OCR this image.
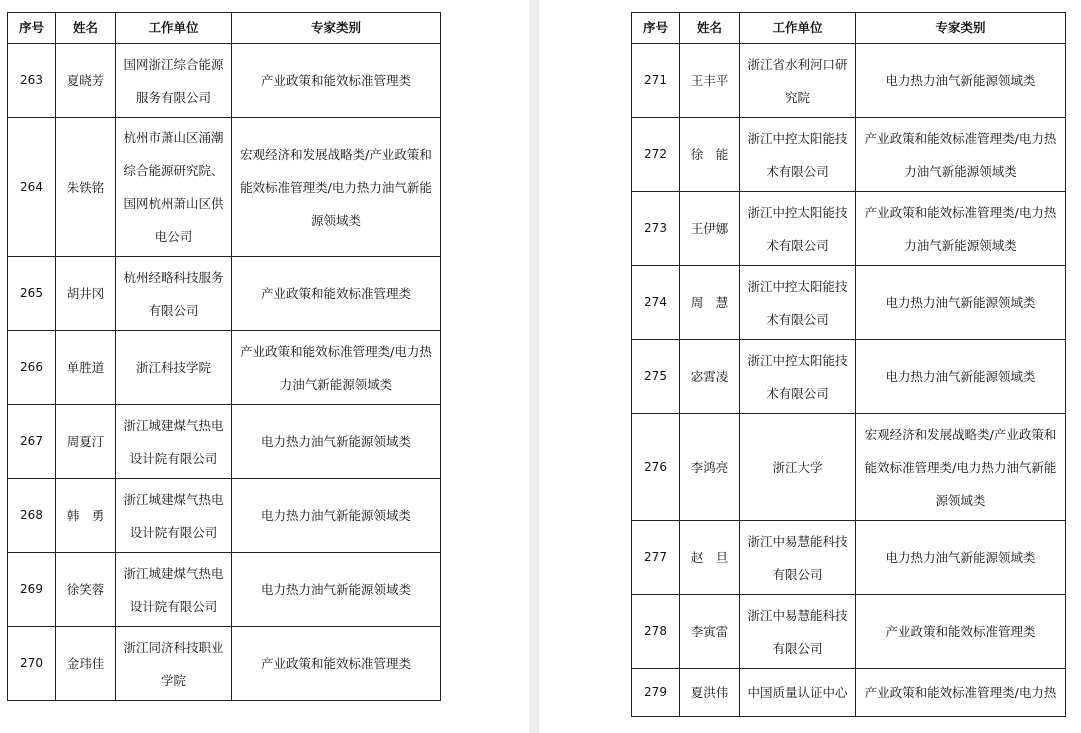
序号	姓名	工作单位	专家类别
263	夏晓芳	国网浙江综合能源服务有限公司	产业政策和能效标准管理类
264	朱铁铭	杭州市萧山区涌潮综合能源研究院、国网杭州萧山区供电公司	宏观经济和发展战略类/产业政策和能效标准管理类/电力热力油气新能源领域类
265	胡井冈	杭州经略科技服务有限公司	产业政策和能效标准管理类
266	单胜道	浙江科技学院	产业政策和能效标准管理类/电力热力油气新能源领域类
267	周夏汀	浙江城建煤气热电设计院有限公司	电力热力油气新能源领域类
268	韩　勇	浙江城建煤气热电设计院有限公司	电力热力油气新能源领域类
269	徐笑蓉	浙江城建煤气热电设计院有限公司	电力热力油气新能源领域类
270	金玮佳	浙江同济科技职业学院	产业政策和能效标准管理类
序号	姓名	工作单位	专家类别
271	王丰平	浙江省水利河口研究院	电力热力油气新能源领域类
272	徐　能	浙江中控太阳能技术有限公司	产业政策和能效标准管理类/电力热力油气新能源领域类
273	王伊娜	浙江中控太阳能技术有限公司	产业政策和能效标准管理类/电力热力油气新能源领域类
274	周　慧	浙江中控太阳能技术有限公司	电力热力油气新能源领域类
275	宓霄凌	浙江中控太阳能技术有限公司	电力热力油气新能源领域类
276	李鸿亮	浙江大学	宏观经济和发展战略类/产业政策和能效标准管理类/电力热力油气新能源领域类
277	赵　旦	浙江中易慧能科技有限公司	电力热力油气新能源领域类
278	李寅雷	浙江中易慧能科技有限公司	产业政策和能效标准管理类
279	夏洪伟	中国质量认证中心	产业政策和能效标准管理类/电力热
